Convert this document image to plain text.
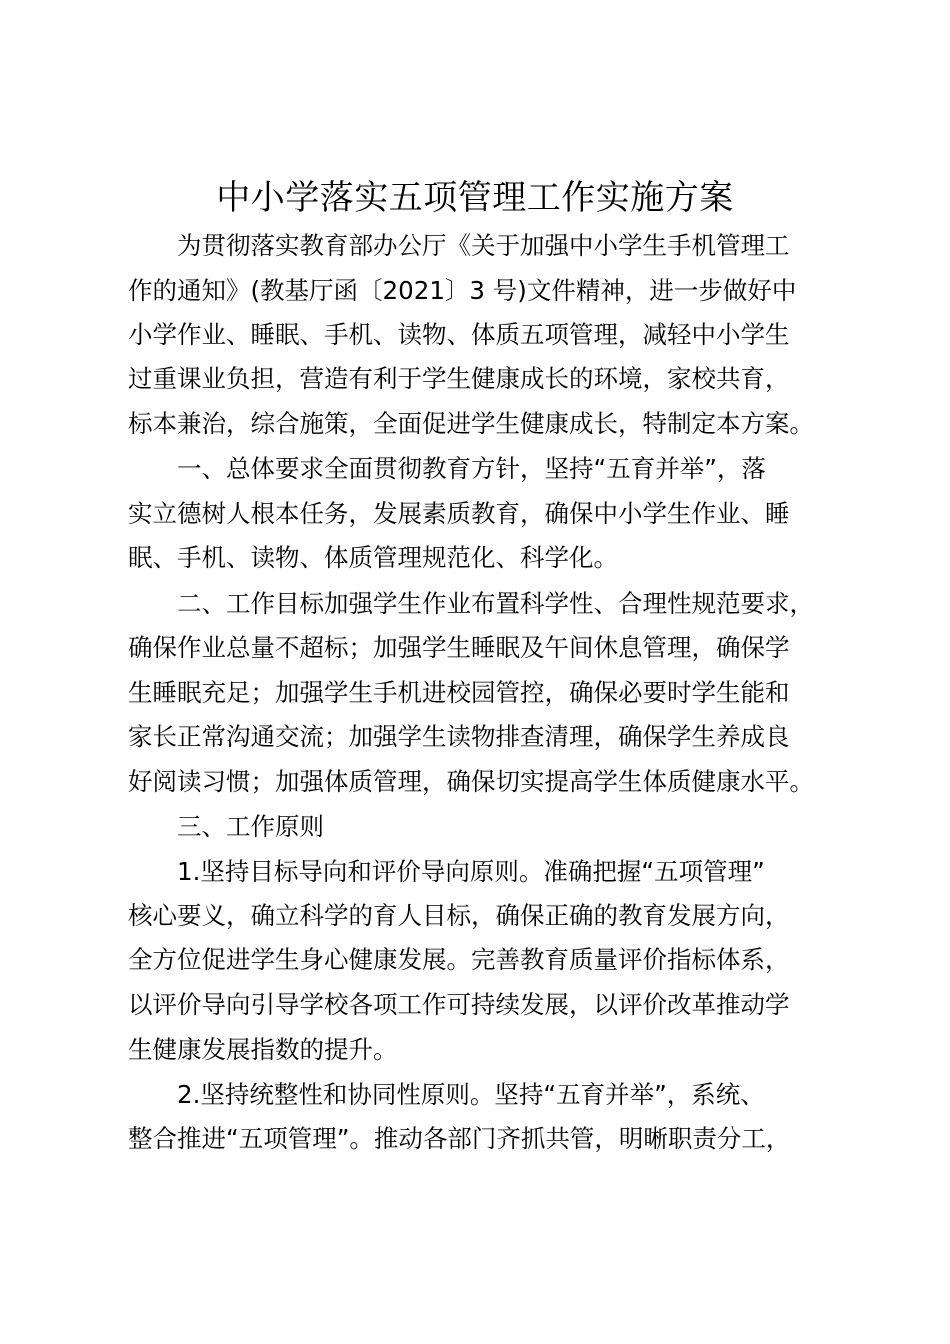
中小学落实五项管理工作实施方案

为贯彻落实教育部办公厅《关于加强中小学生手机管理工

作的通知》(教基厅函〔2021〕3 号)文件精神，进一步做好中

小学作业、睡眠、手机、读物、体质五项管理，减轻中小学生

过重课业负担，营造有利于学生健康成长的环境，家校共育，

标本兼治，综合施策，全面促进学生健康成长，特制定本方案。

一、总体要求全面贯彻教育方针，坚持“五育并举”，落

实立德树人根本任务，发展素质教育，确保中小学生作业、睡

眠、手机、读物、体质管理规范化、科学化。

二、工作目标加强学生作业布置科学性、合理性规范要求，

确保作业总量不超标；加强学生睡眠及午间休息管理，确保学

生睡眠充足；加强学生手机进校园管控，确保必要时学生能和

家长正常沟通交流；加强学生读物排查清理，确保学生养成良

好阅读习惯；加强体质管理，确保切实提高学生体质健康水平。

三、工作原则

1.坚持目标导向和评价导向原则。准确把握“五项管理”

核心要义，确立科学的育人目标，确保正确的教育发展方向，

全方位促进学生身心健康发展。完善教育质量评价指标体系，

以评价导向引导学校各项工作可持续发展，以评价改革推动学

生健康发展指数的提升。

2.坚持统整性和协同性原则。坚持“五育并举”，系统、

整合推进“五项管理”。推动各部门齐抓共管，明晰职责分工，
